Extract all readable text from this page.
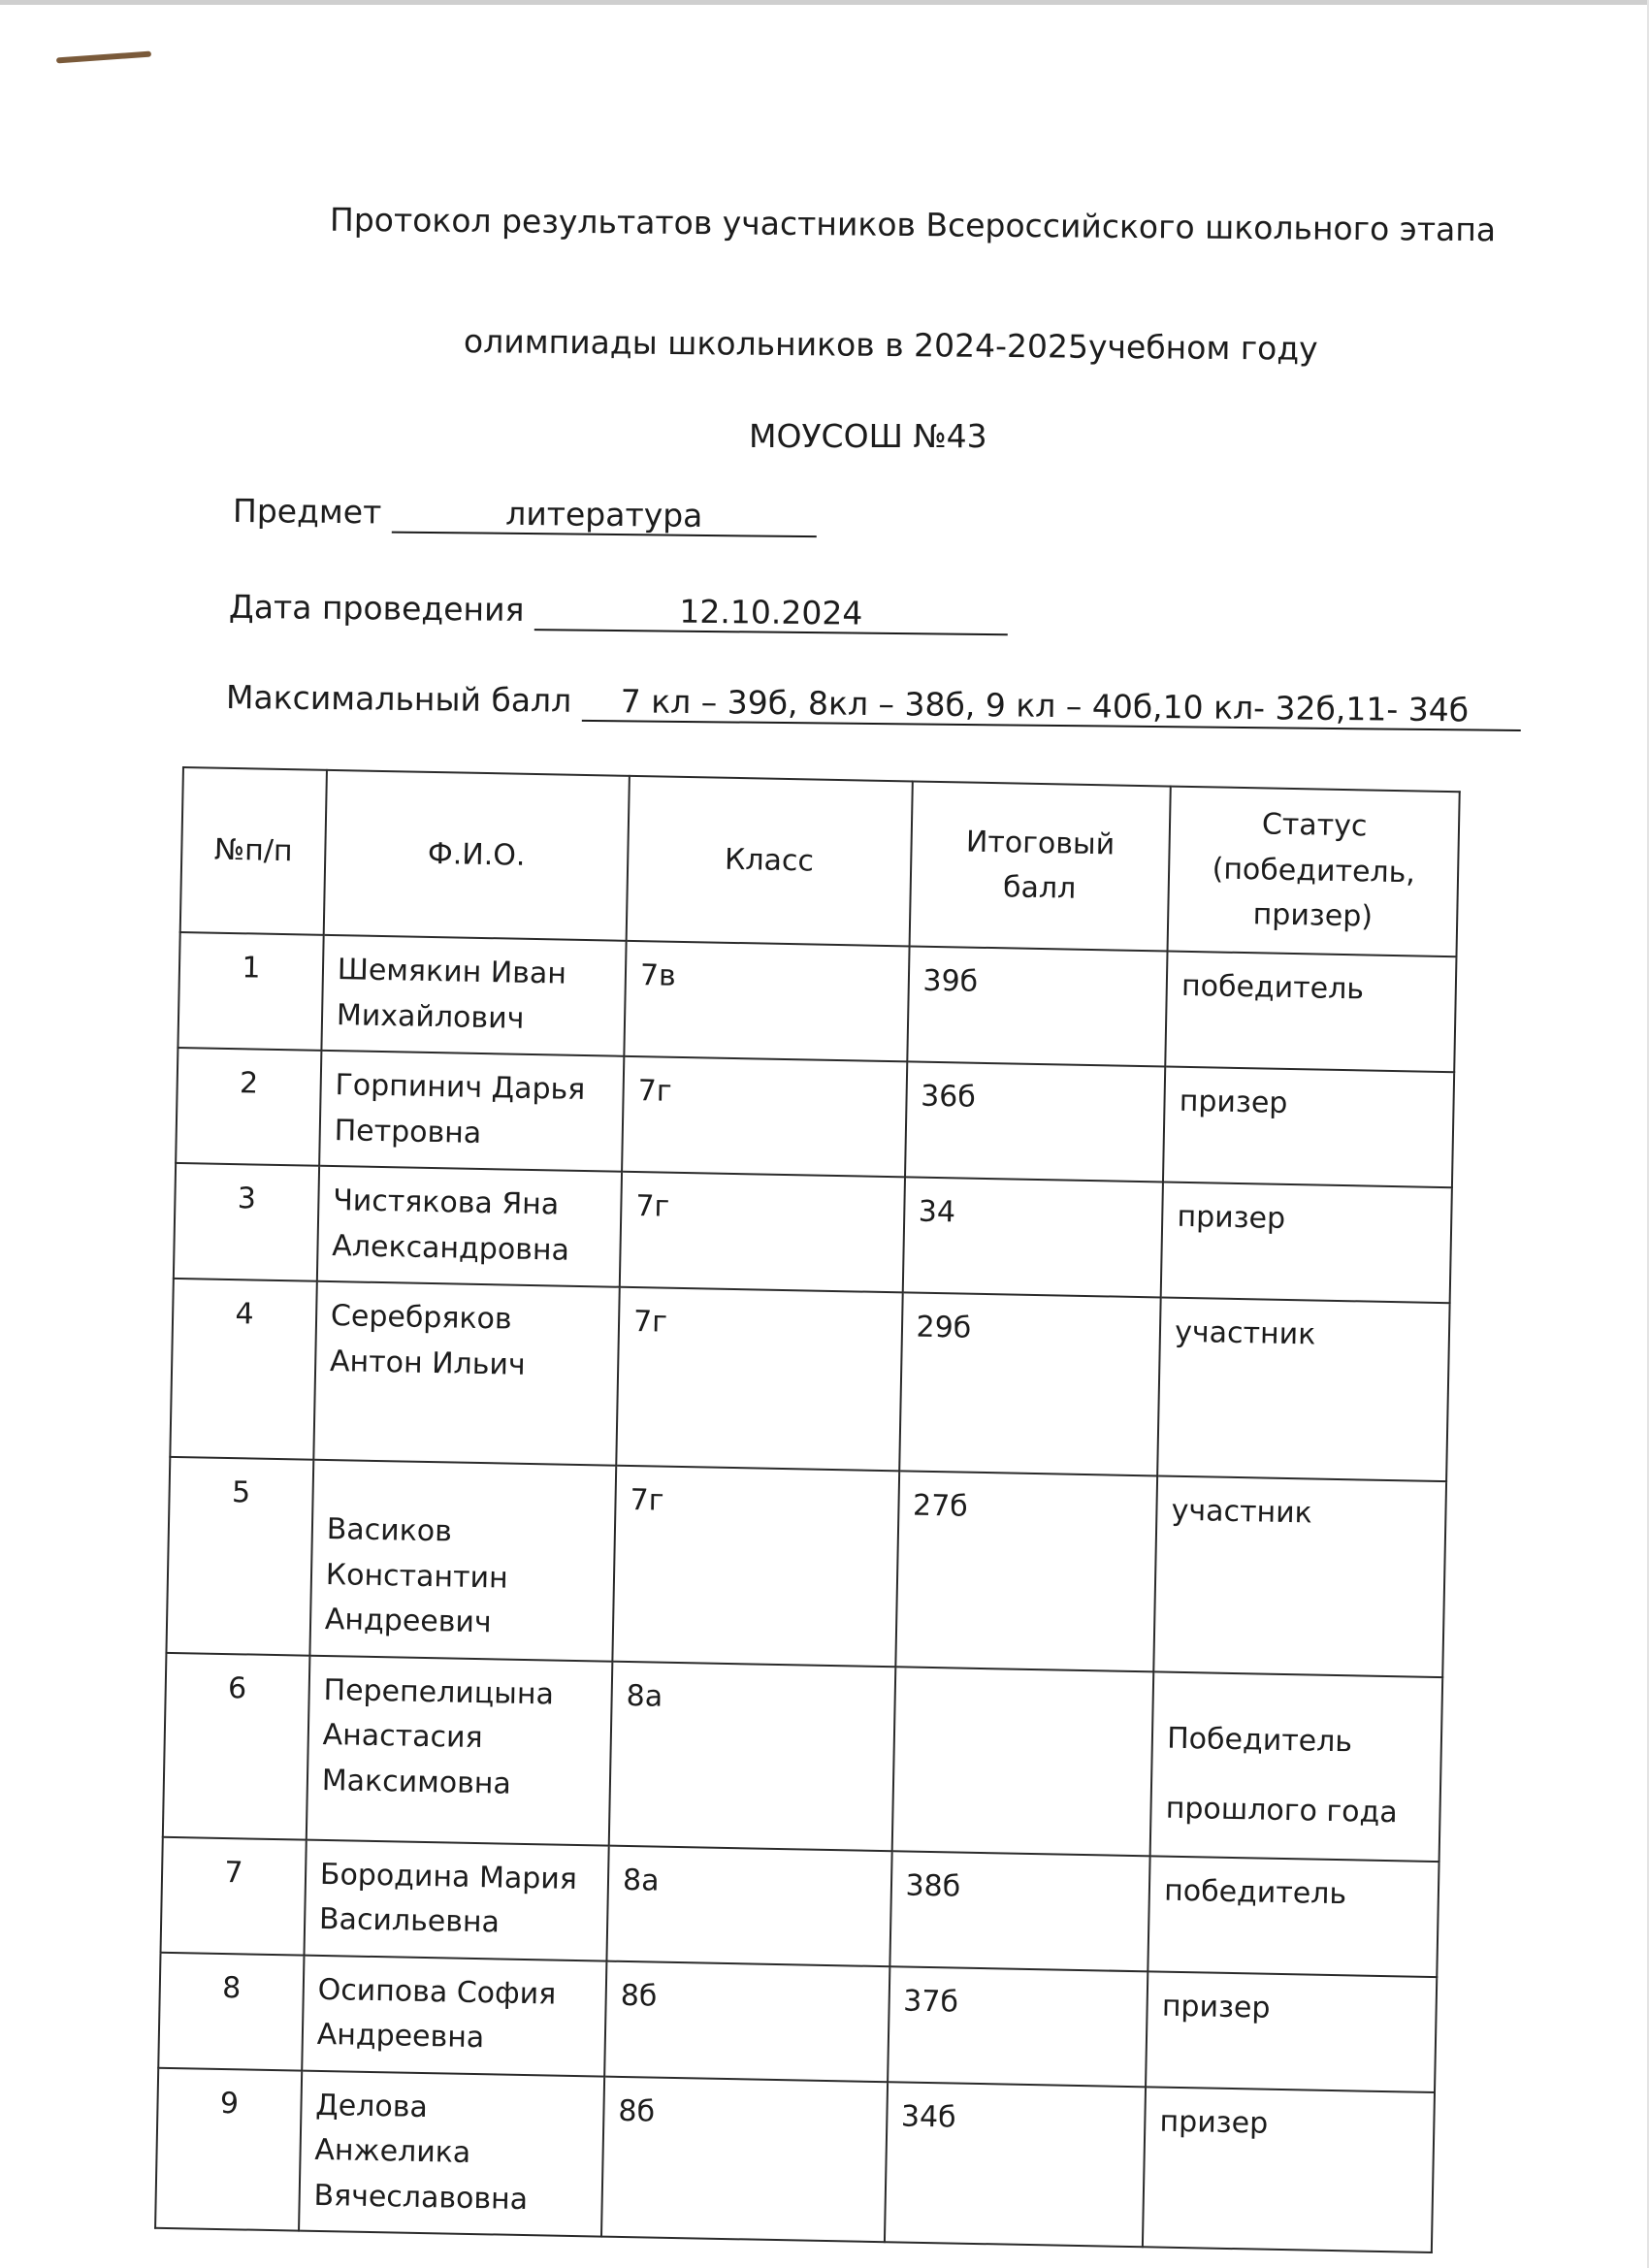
Протокол результатов участников Всероссийского школьного этапа
олимпиады школьников в 2024-2025учебном году
МОУСОШ №43
Предмет	литература
Дата проведения	12.10.2024
Максимальный балл 7 кл – 39б, 8кл – 38б, 9 кл – 40б,10 кл- 32б,11- 34б
№п/п	Ф.И.О.	Класс	Итоговый балл	Статус (победитель, призер)
1	Шемякин Иван Михайлович	7в	39б	победитель
2	Горпинич Дарья Петровна	7г	36б	призер
3	Чистякова Яна Александровна	7г	34	призер
4	Серебряков Антон Ильич	7г	29б	участник
5	Васиков Константин Андреевич	7г	27б	участник
6	Перепелицына Анастасия Максимовна	8а		Победитель прошлого года

7	Бородина Мария Васильевна	8а	38б	победитель
8	Осипова София Андреевна	8б	37б	призер
9	Делова Анжелика Вячеславовна	8б	34б	призер
